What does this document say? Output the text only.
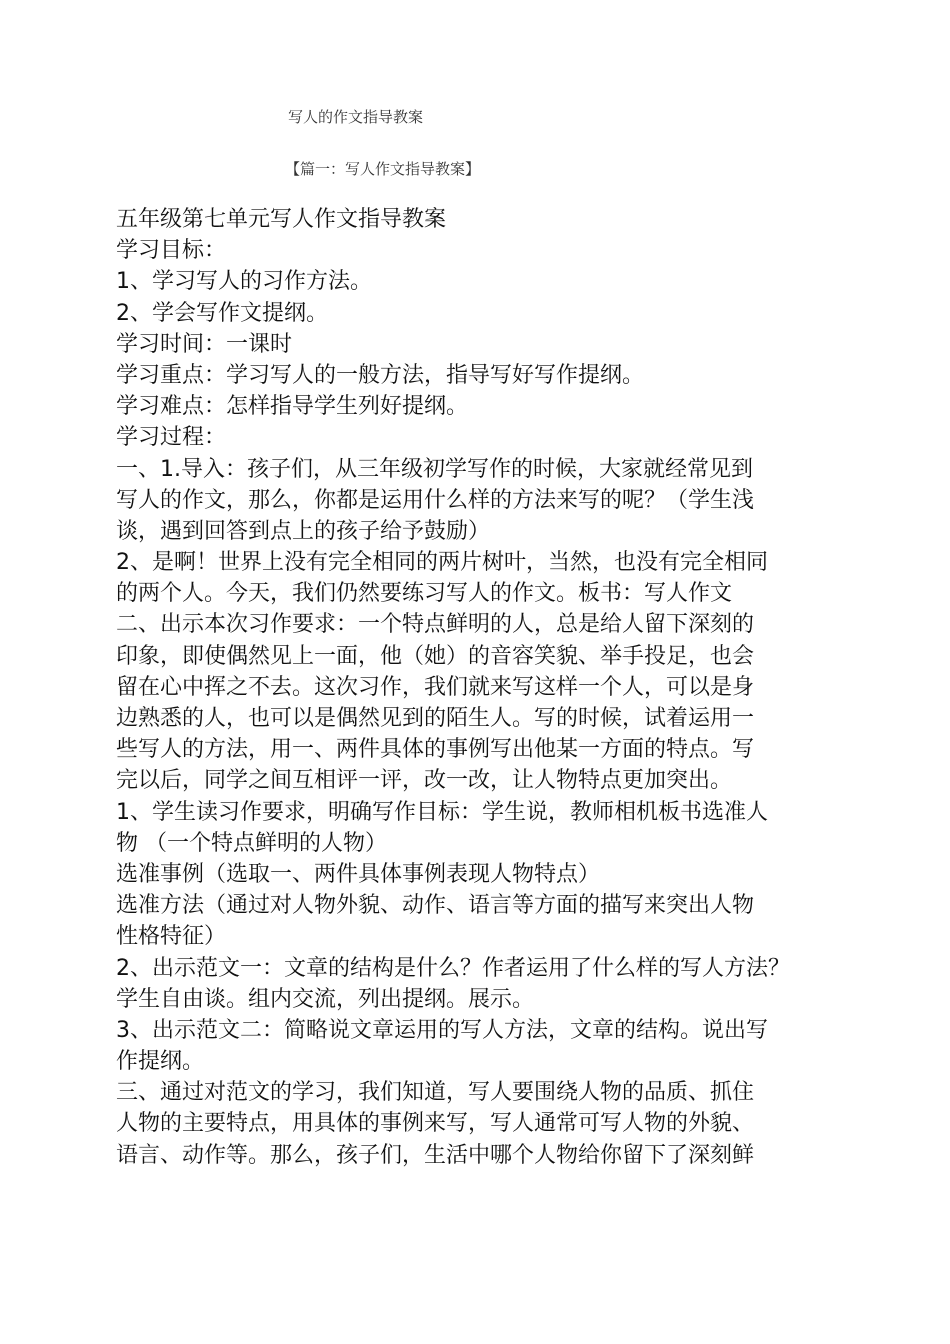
写人的作文指导教案
【篇一：写人作文指导教案】
五年级第七单元写人作文指导教案
学习目标：
1、学习写人的习作方法。
2、学会写作文提纲。
学习时间：一课时
学习重点：学习写人的一般方法，指导写好写作提纲。
学习难点：怎样指导学生列好提纲。
学习过程：
一、1.导入：孩子们，从三年级初学写作的时候，大家就经常见到
写人的作文，那么，你都是运用什么样的方法来写的呢？（学生浅
谈，遇到回答到点上的孩子给予鼓励）
2、是啊！世界上没有完全相同的两片树叶，当然，也没有完全相同
的两个人。今天，我们仍然要练习写人的作文。板书：写人作文
二、出示本次习作要求：一个特点鲜明的人，总是给人留下深刻的
印象，即使偶然见上一面，他（她）的音容笑貌、举手投足，也会
留在心中挥之不去。这次习作，我们就来写这样一个人，可以是身
边熟悉的人，也可以是偶然见到的陌生人。写的时候，试着运用一
些写人的方法，用一、两件具体的事例写出他某一方面的特点。写
完以后，同学之间互相评一评，改一改，让人物特点更加突出。
1、学生读习作要求，明确写作目标：学生说，教师相机板书选准人
物 （一个特点鲜明的人物）
选准事例（选取一、两件具体事例表现人物特点）
选准方法（通过对人物外貌、动作、语言等方面的描写来突出人物
性格特征）
2、出示范文一：文章的结构是什么？作者运用了什么样的写人方法？
学生自由谈。组内交流，列出提纲。展示。
3、出示范文二：简略说文章运用的写人方法，文章的结构。说出写
作提纲。
三、通过对范文的学习，我们知道，写人要围绕人物的品质、抓住
人物的主要特点，用具体的事例来写，写人通常可写人物的外貌、
语言、动作等。那么，孩子们，生活中哪个人物给你留下了深刻鲜
